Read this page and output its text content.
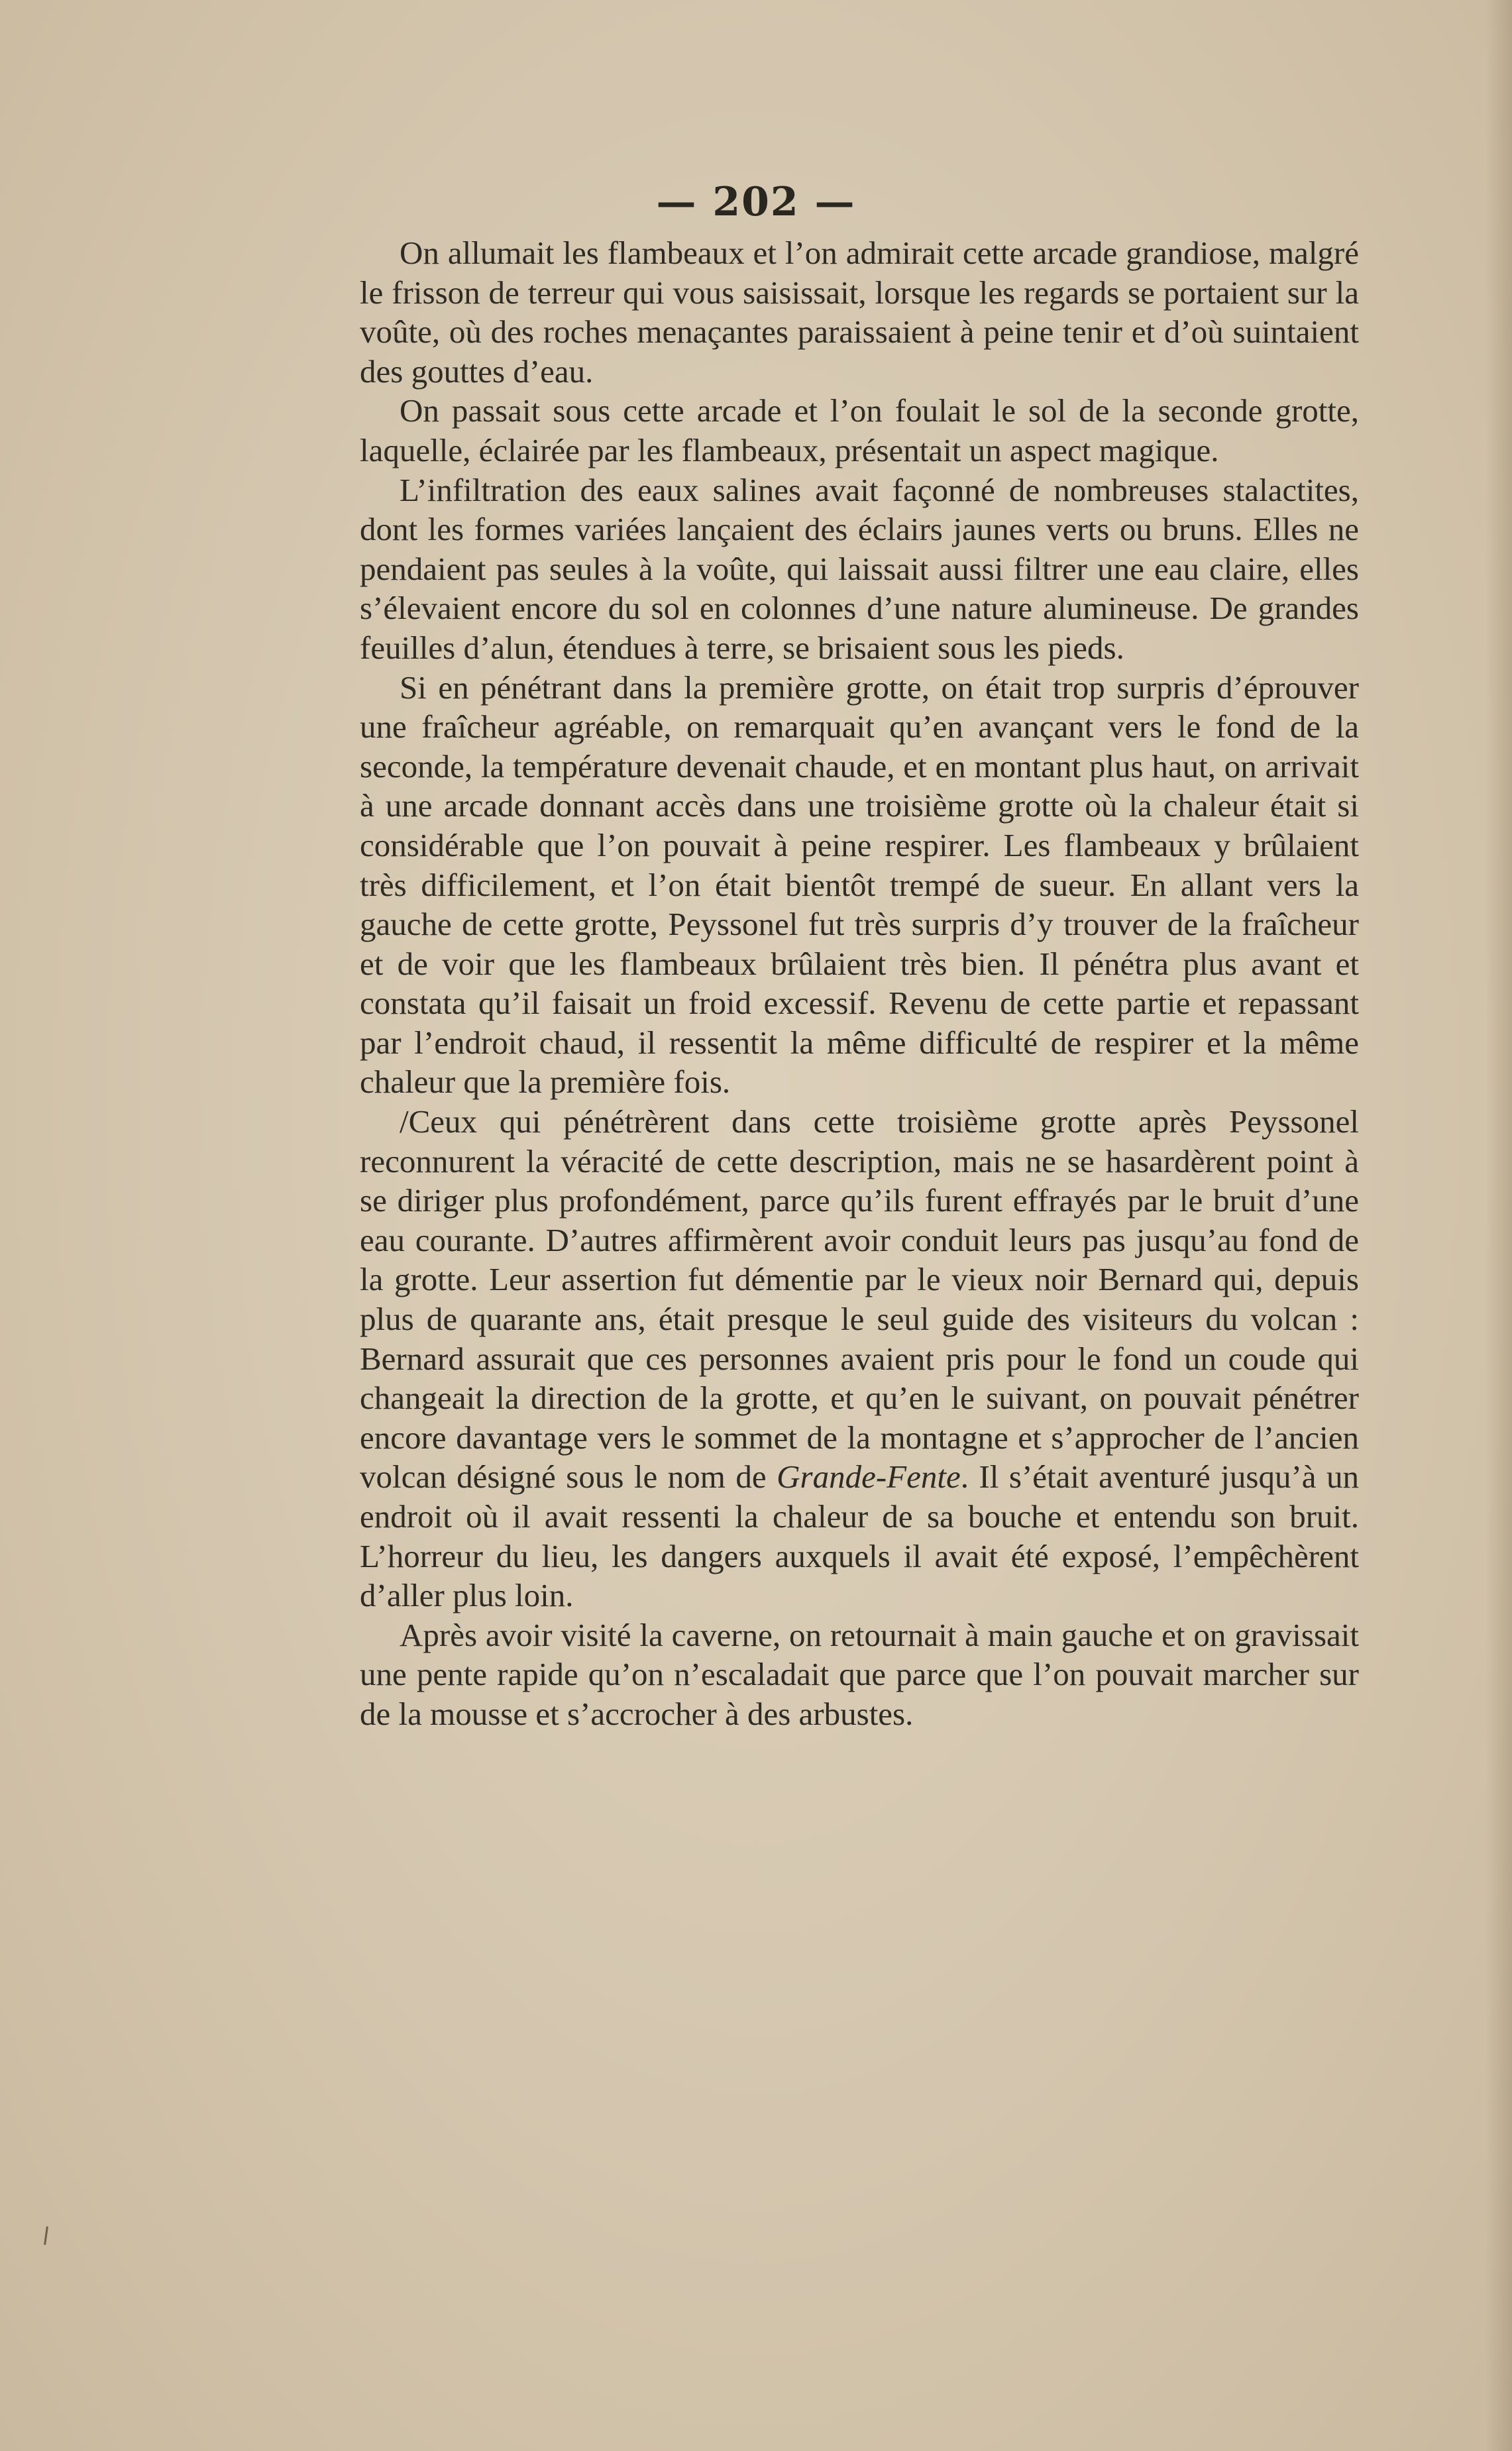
— 202 —

On allumait les flambeaux et l’on admirait cette arcade grandiose, malgré le frisson de terreur qui vous saisissait, lorsque les regards se portaient sur la voûte, où des roches menaçantes paraissaient à peine tenir et d’où suintaient des gouttes d’eau.

On passait sous cette arcade et l’on foulait le sol de la seconde grotte, laquelle, éclairée par les flambeaux, présentait un aspect magique.

L’infiltration des eaux salines avait façonné de nombreuses stalactites, dont les formes variées lançaient des éclairs jaunes verts ou bruns. Elles ne pendaient pas seules à la voûte, qui laissait aussi filtrer une eau claire, elles s’élevaient encore du sol en colonnes d’une nature alumineuse. De grandes feuilles d’alun, étendues à terre, se brisaient sous les pieds.

Si en pénétrant dans la première grotte, on était trop surpris d’éprouver une fraîcheur agréable, on remarquait qu’en avançant vers le fond de la seconde, la température devenait chaude, et en montant plus haut, on arrivait à une arcade donnant accès dans une troisième grotte où la chaleur était si considérable que l’on pouvait à peine respirer. Les flambeaux y brûlaient très difficilement, et l’on était bientôt trempé de sueur. En allant vers la gauche de cette grotte, Peyssonel fut très surpris d’y trouver de la fraîcheur et de voir que les flambeaux brûlaient très bien. Il pénétra plus avant et constata qu’il faisait un froid excessif. Revenu de cette partie et repassant par l’endroit chaud, il ressentit la même difficulté de respirer et la même chaleur que la première fois.

/Ceux qui pénétrèrent dans cette troisième grotte après Peyssonel reconnurent la véracité de cette description, mais ne se hasardèrent point à se diriger plus profondément, parce qu’ils furent effrayés par le bruit d’une eau courante. D’autres affirmèrent avoir conduit leurs pas jusqu’au fond de la grotte. Leur assertion fut démentie par le vieux noir Bernard qui, depuis plus de quarante ans, était presque le seul guide des visiteurs du volcan : Bernard assurait que ces personnes avaient pris pour le fond un coude qui changeait la direction de la grotte, et qu’en le suivant, on pouvait pénétrer encore davantage vers le sommet de la montagne et s’approcher de l’ancien volcan désigné sous le nom de Grande-Fente. Il s’était aventuré jusqu’à un endroit où il avait ressenti la chaleur de sa bouche et entendu son bruit. L’horreur du lieu, les dangers auxquels il avait été exposé, l’empêchèrent d’aller plus loin.

Après avoir visité la caverne, on retournait à main gauche et on gravissait une pente rapide qu’on n’escaladait que parce que l’on pouvait marcher sur de la mousse et s’accrocher à des arbustes.
